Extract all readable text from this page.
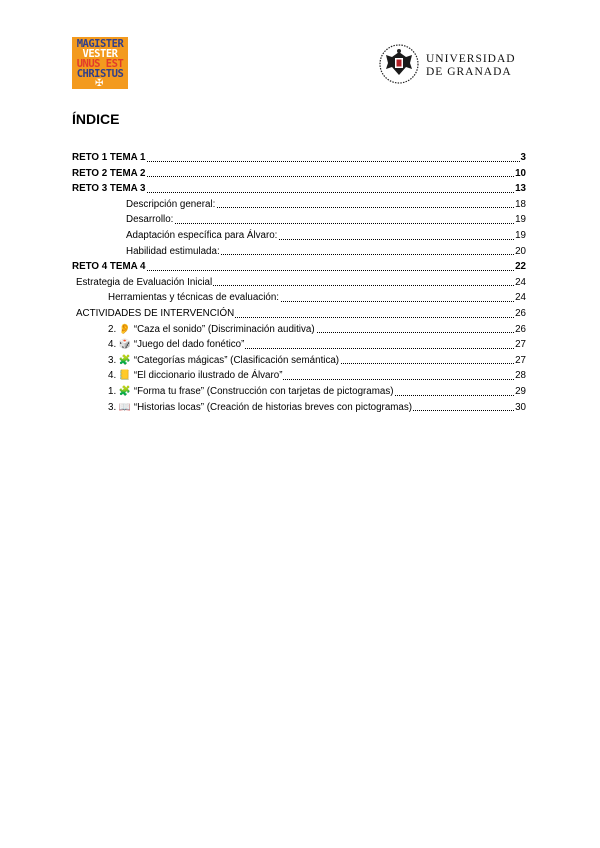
MAGISTER
VESTER
UNUS EST
CHRISTUS
✠
UNIVERSIDAD
DE GRANADA
ÍNDICE
RETO 1 TEMA 1	3
RETO 2 TEMA 2	10
RETO 3 TEMA 3	13
Descripción general:	18
Desarrollo:	19
Adaptación específica para Álvaro:	19
Habilidad estimulada:	20
RETO 4 TEMA 4	22
Estrategia de Evaluación Inicial	24
Herramientas y técnicas de evaluación:	24
ACTIVIDADES DE INTERVENCIÓN	26
2. 👂 “Caza el sonido” (Discriminación auditiva)	26
4. 🎲 “Juego del dado fonético”	27
3. 🧩 “Categorías mágicas” (Clasificación semántica)	27
4. 📒 “El diccionario ilustrado de Álvaro”	28
1. 🧩 “Forma tu frase” (Construcción con tarjetas de pictogramas)	29
3. 📖 “Historias locas” (Creación de historias breves con pictogramas)	30
